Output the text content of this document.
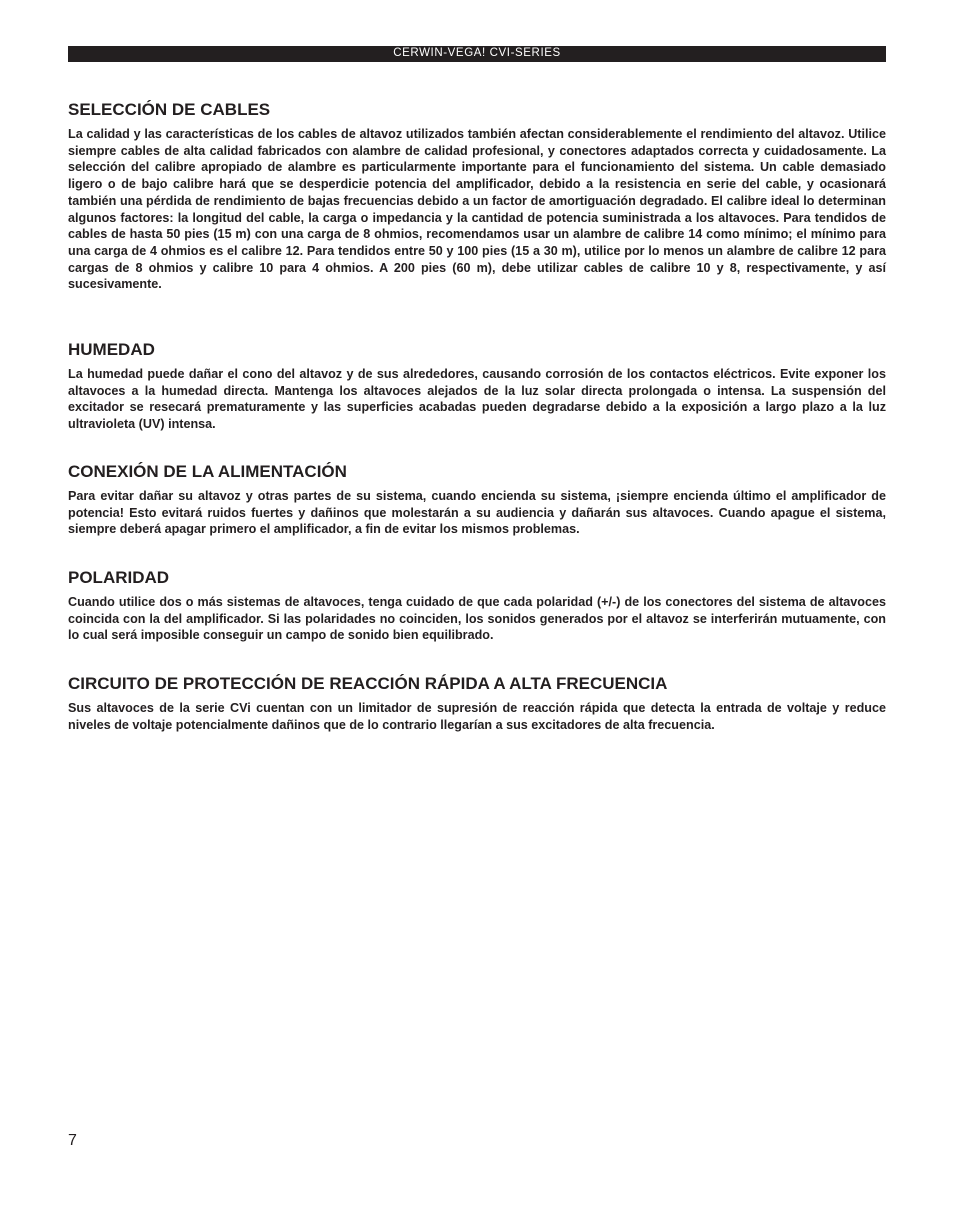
CERWIN-VEGA! CVI-SERIES
SELECCIÓN DE CABLES

La calidad y las características de los cables de altavoz utilizados también afectan considerablemente el rendimiento del altavoz. Utilice siempre cables de alta calidad fabricados con alambre de calidad profesional, y conectores adaptados correcta y cuidadosamente. La selección del calibre apropiado de alambre es particularmente importante para el funcionamiento del sistema. Un cable demasiado ligero o de bajo calibre hará que se desperdicie potencia del amplificador, debido a la resistencia en serie del cable, y ocasionará también una pérdida de rendimiento de bajas frecuencias debido a un factor de amortiguación degradado. El calibre ideal lo determinan algunos factores: la longitud del cable, la carga o impedancia y la cantidad de potencia suministrada a los altavoces. Para tendidos de cables de hasta 50 pies (15 m) con una carga de 8 ohmios, recomendamos usar un alambre de calibre 14 como mínimo; el mínimo para una carga de 4 ohmios es el calibre 12. Para tendidos entre 50 y 100 pies (15 a 30 m), utilice por lo menos un alambre de calibre 12 para cargas de 8 ohmios y calibre 10 para 4 ohmios. A 200 pies (60 m), debe utilizar cables de calibre 10 y 8, respectivamente, y así sucesivamente.

HUMEDAD

La humedad puede dañar el cono del altavoz y de sus alrededores, causando corrosión de los contactos eléctricos. Evite exponer los altavoces a la humedad directa. Mantenga los altavoces alejados de la luz solar directa prolongada o intensa. La suspensión del excitador se resecará prematuramente y las superficies acabadas pueden degradarse debido a la exposición a largo plazo a la luz ultravioleta (UV) intensa.

CONEXIÓN DE LA ALIMENTACIÓN

Para evitar dañar su altavoz y otras partes de su sistema, cuando encienda su sistema, ¡siempre encienda último el amplificador de potencia! Esto evitará ruidos fuertes y dañinos que molestarán a su audiencia y dañarán sus altavoces. Cuando apague el sistema, siempre deberá apagar primero el amplificador, a fin de evitar los mismos problemas.

POLARIDAD

Cuando utilice dos o más sistemas de altavoces, tenga cuidado de que cada polaridad (+/-) de los conectores del sistema de altavoces coincida con la del amplificador. Si las polaridades no coinciden, los sonidos generados por el altavoz se interferirán mutuamente, con lo cual será imposible conseguir un campo de sonido bien equilibrado.

CIRCUITO DE PROTECCIÓN DE REACCIÓN RÁPIDA A ALTA FRECUENCIA

Sus altavoces de la serie CVi cuentan con un limitador de supresión de reacción rápida que detecta la entrada de voltaje y reduce niveles de voltaje potencialmente dañinos que de lo contrario llegarían a sus excitadores de alta frecuencia.

7
